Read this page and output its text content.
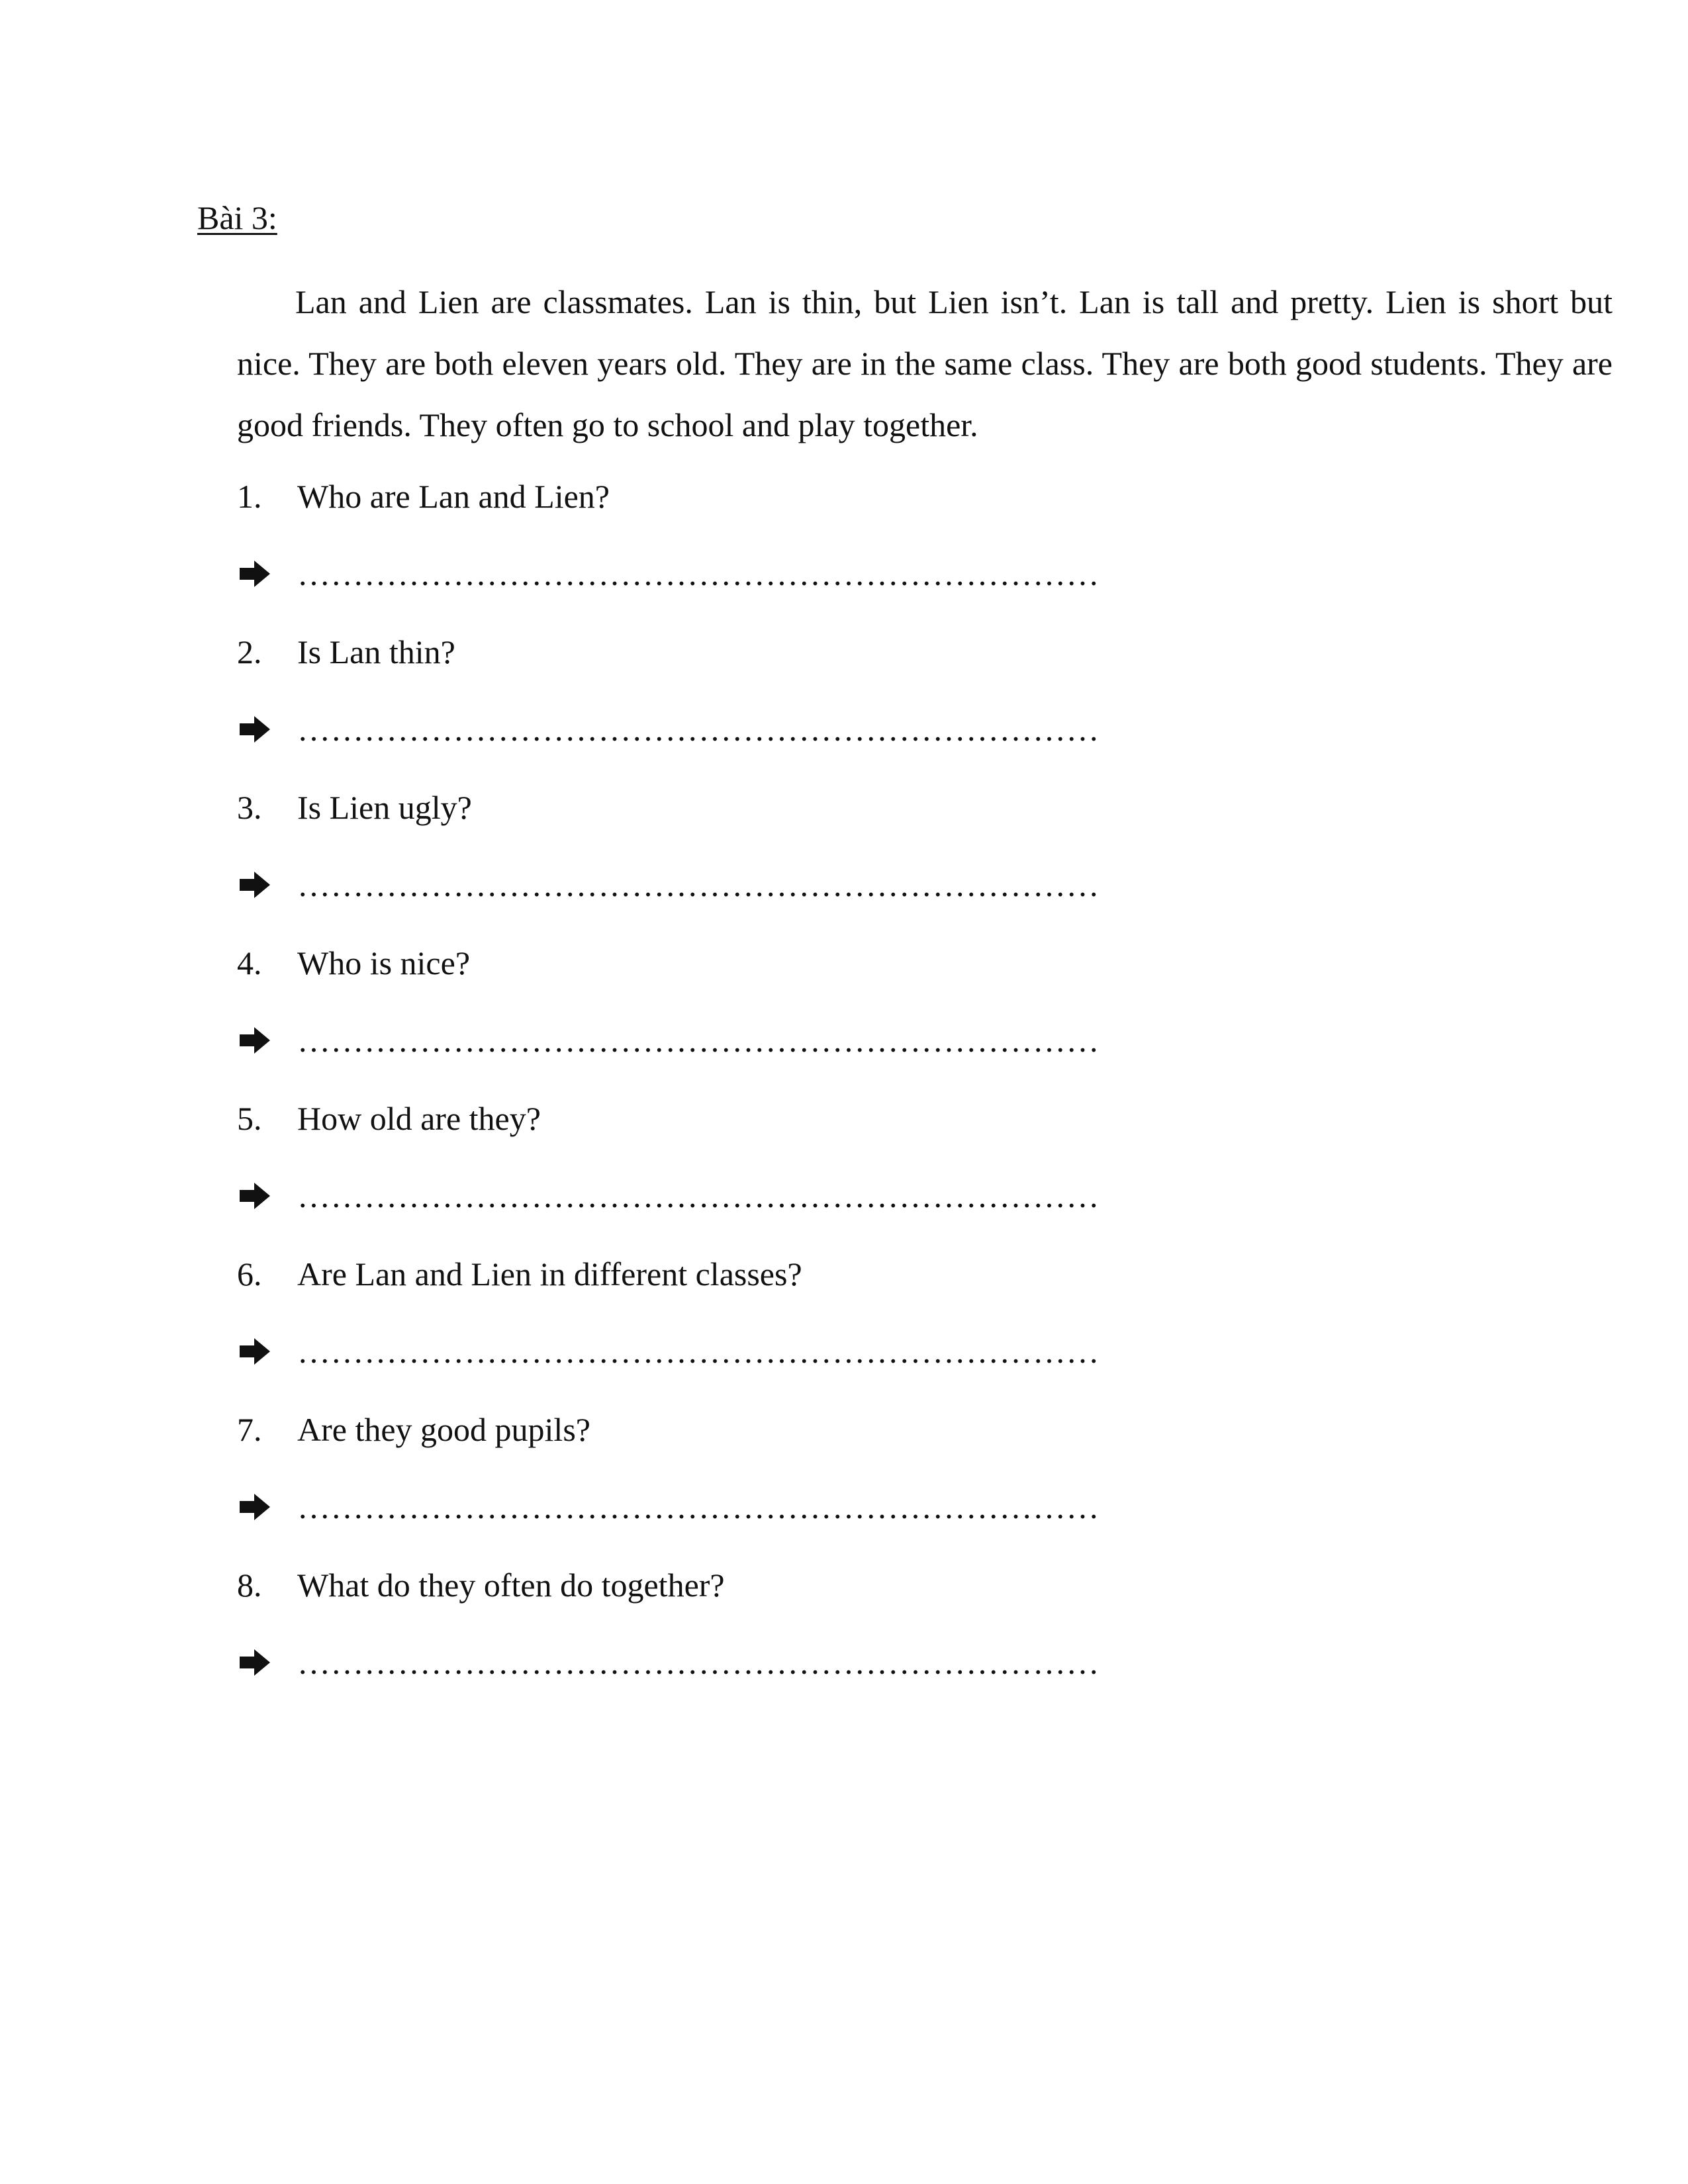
Bài 3:

Lan and Lien are classmates. Lan is thin, but Lien isn’t. Lan is tall and pretty. Lien is short but nice. They are both eleven years old. They are in the same class. They are both good students. They are good friends. They often go to school and play together.

1.	Who are Lan and Lien?
………………………………………………………………
2.	Is Lan thin?
………………………………………………………………
3.	Is Lien ugly?
………………………………………………………………
4.	Who is nice?
………………………………………………………………
5.	How old are they?
………………………………………………………………
6.	Are Lan and Lien in different classes?
………………………………………………………………
7.	Are they good pupils?
………………………………………………………………
8.	What do they often do together?
………………………………………………………………
